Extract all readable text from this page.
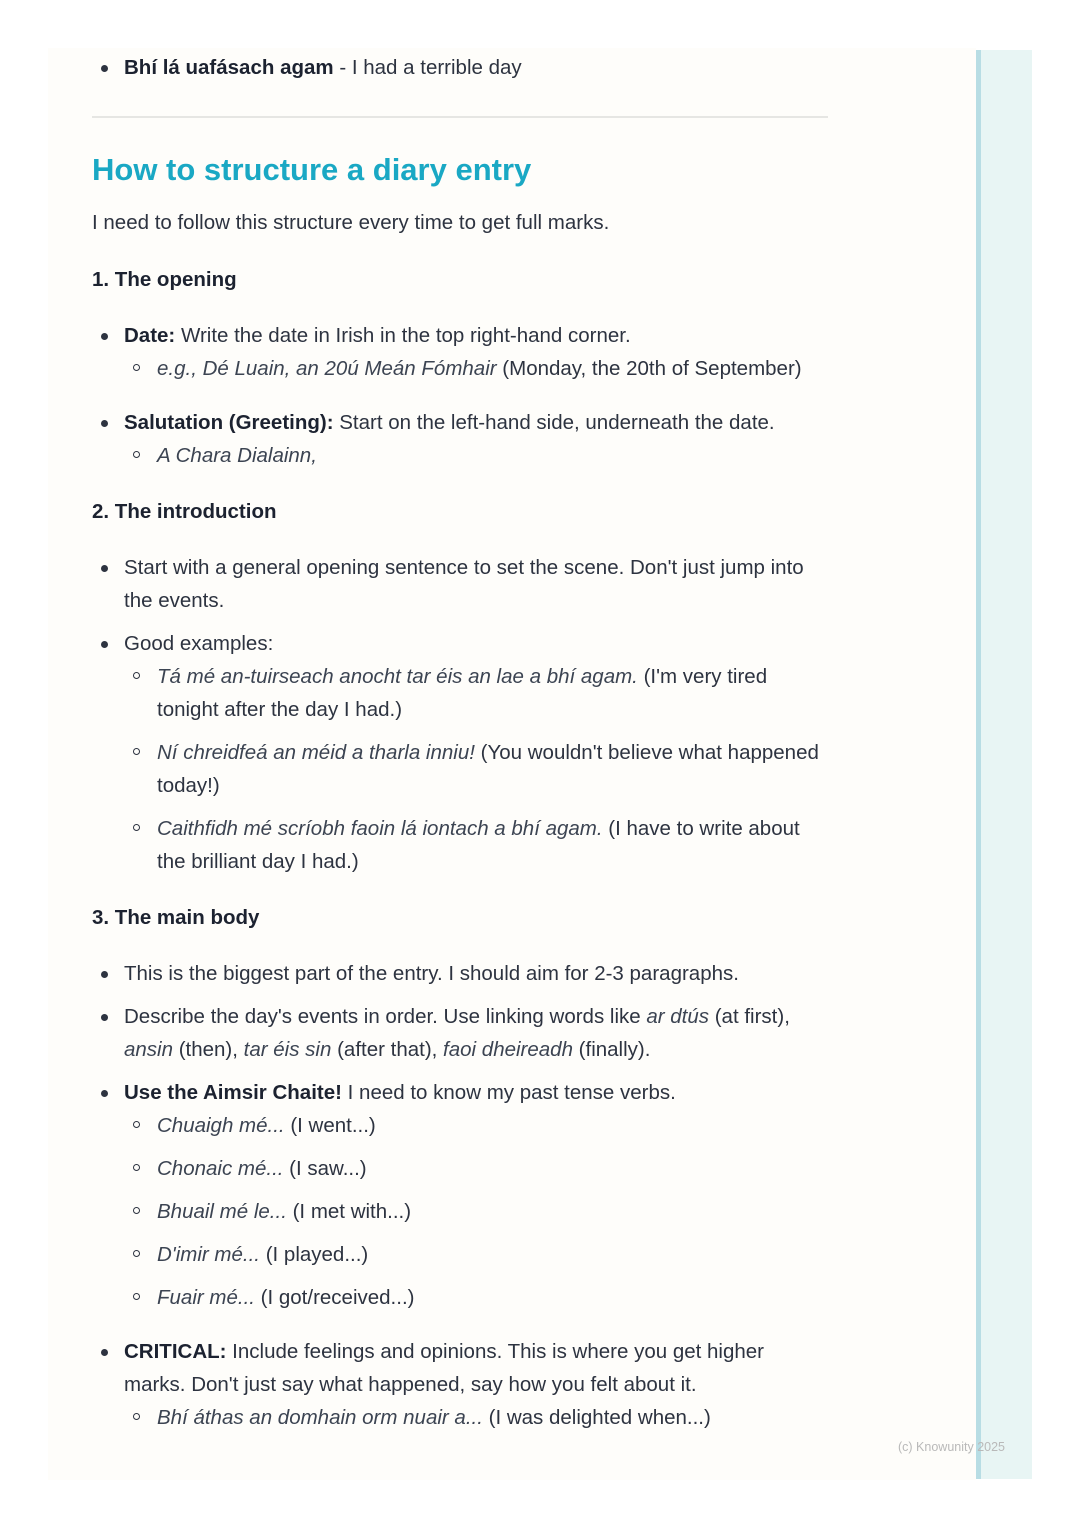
Bhí lá uafásach agam - I had a terrible day
How to structure a diary entry

I need to follow this structure every time to get full marks.

1. The opening

Date: Write the date in Irish in the top right-hand corner.
e.g., Dé Luain, an 20ú Meán Fómhair (Monday, the 20th of September)
Salutation (Greeting): Start on the left-hand side, underneath the date.
A Chara Dialainn,

2. The introduction

Start with a general opening sentence to set the scene. Don't just jump into the events.
Good examples:
Tá mé an-tuirseach anocht tar éis an lae a bhí agam. (I'm very tired tonight after the day I had.)
Ní chreidfeá an méid a tharla inniu! (You wouldn't believe what happened today!)
Caithfidh mé scríobh faoin lá iontach a bhí agam. (I have to write about the brilliant day I had.)

3. The main body

This is the biggest part of the entry. I should aim for 2-3 paragraphs.
Describe the day's events in order. Use linking words like ar dtús (at first), ansin (then), tar éis sin (after that), faoi dheireadh (finally).
Use the Aimsir Chaite! I need to know my past tense verbs.
Chuaigh mé... (I went...)
Chonaic mé... (I saw...)
Bhuail mé le... (I met with...)
D'imir mé... (I played...)
Fuair mé... (I got/received...)
CRITICAL: Include feelings and opinions. This is where you get higher marks. Don't just say what happened, say how you felt about it.
Bhí áthas an domhain orm nuair a... (I was delighted when...)
(c) Knowunity 2025
